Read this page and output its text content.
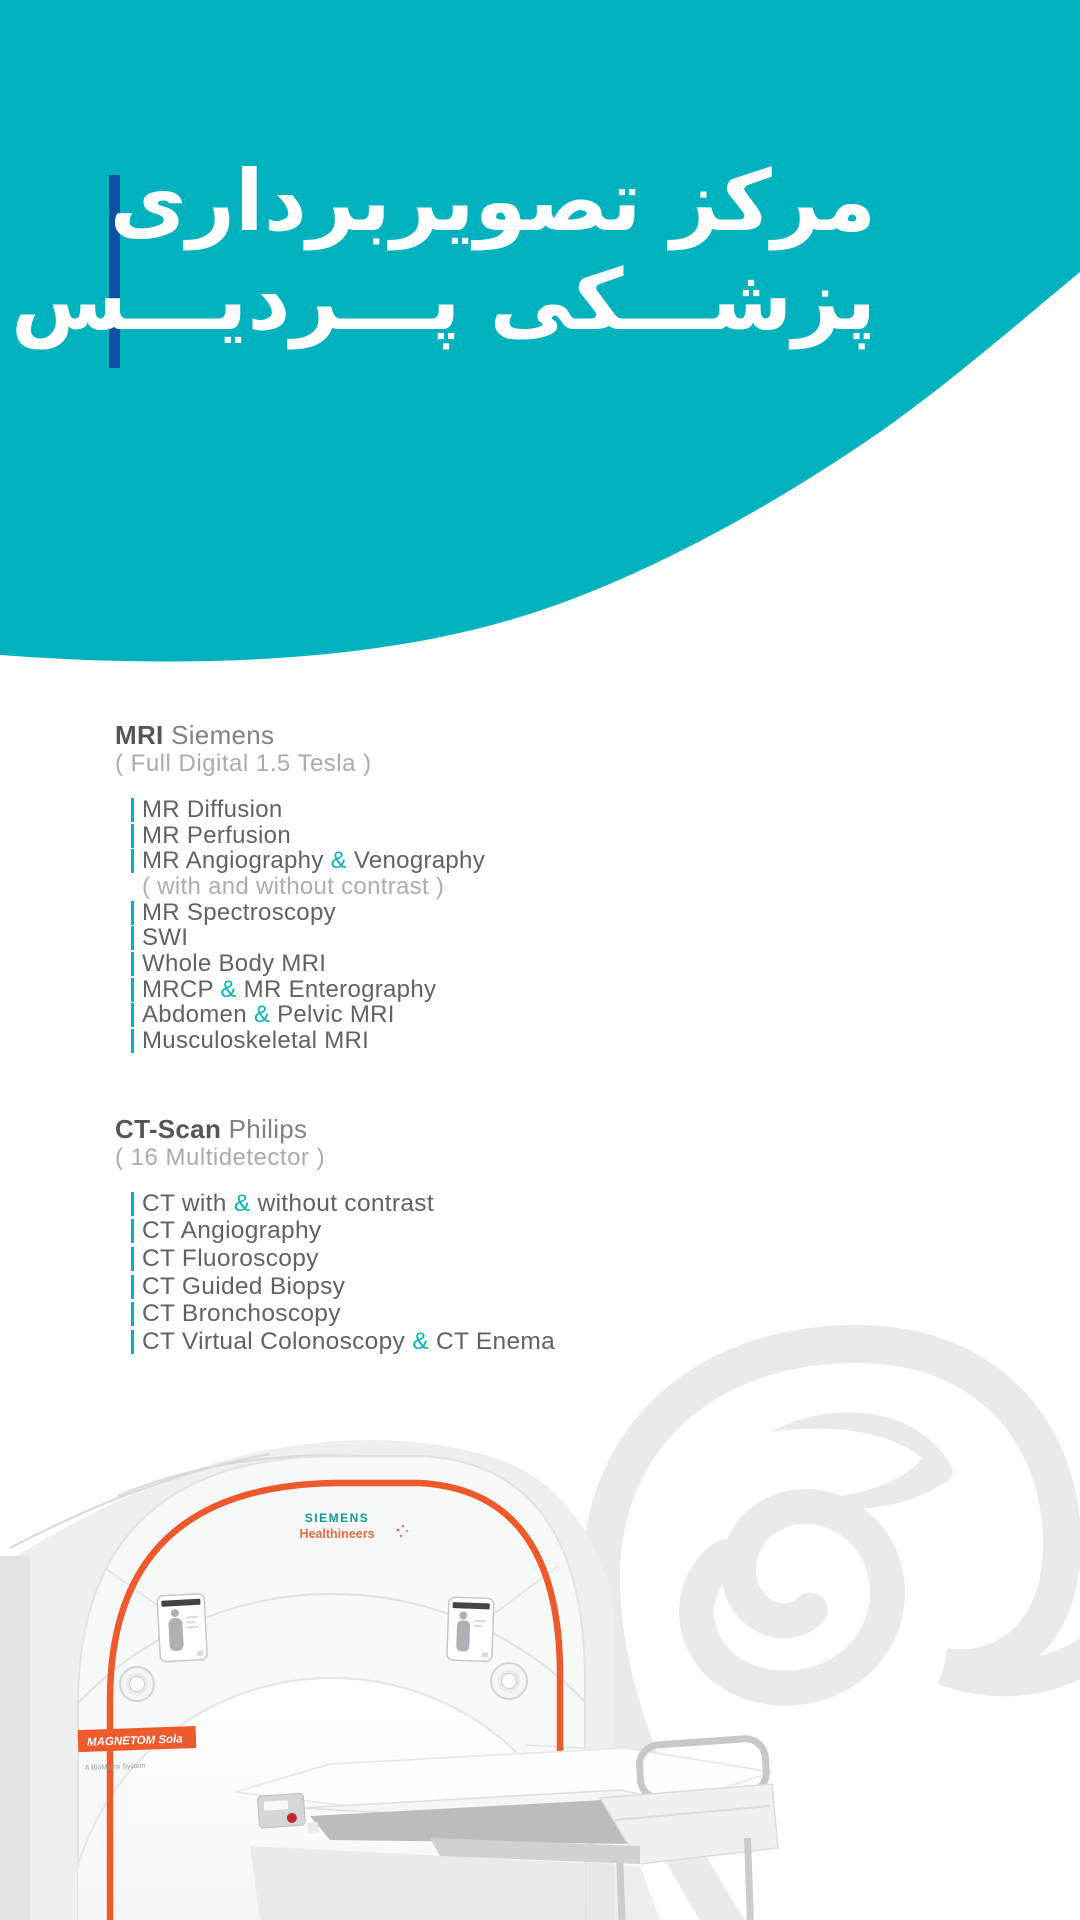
مرکز تصویربرداری
پزشـــکی پـــردیـــس
SIEMENS
Healthineers
MAGNETOM Sola
A BioMatrix System
MRI Siemens
( Full Digital 1.5 Tesla )
MR Diffusion
MR Perfusion
MR Angiography & Venography
( with and without contrast )
MR Spectroscopy
SWI
Whole Body MRI
MRCP & MR Enterography
Abdomen & Pelvic MRI
Musculoskeletal MRI
CT-Scan Philips
( 16 Multidetector )
CT with & without contrast
CT Angiography
CT Fluoroscopy
CT Guided Biopsy
CT Bronchoscopy
CT Virtual Colonoscopy & CT Enema
